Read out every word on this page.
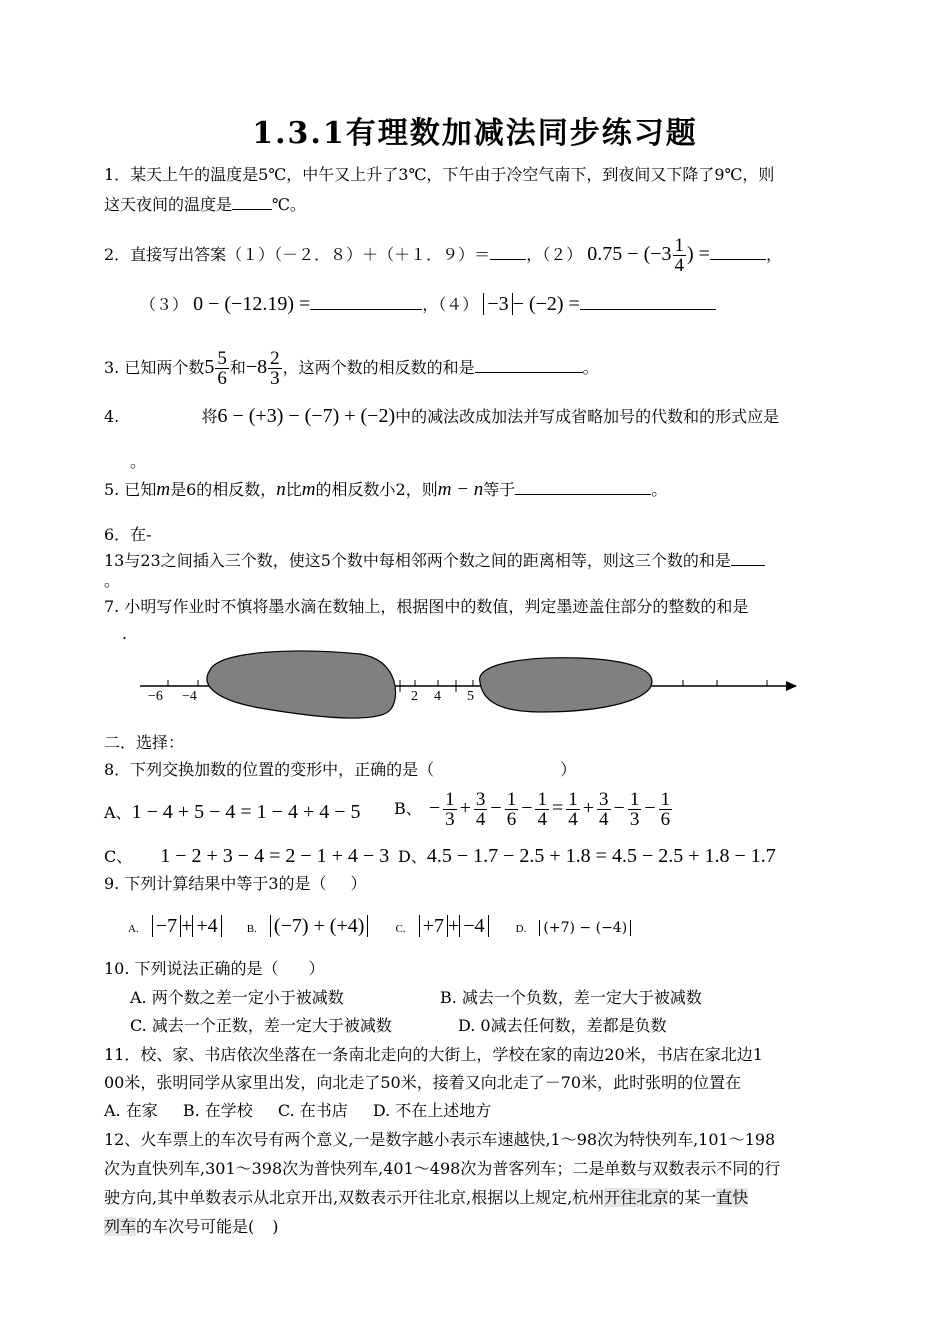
1.3.1有理数加减法同步练习题
1．某天上午的温度是5℃，中午又上升了3℃，下午由于冷空气南下，到夜间又下降了9℃，则
这天夜间的温度是	℃。
2．直接写出答案（１）（－２．８）＋（＋１．９）＝ ，（２） $0.75 - (-3 \frac{1}{4}$ ) =	，
（３） 0 − (−12.19) =	，（４） −3 − (−2) =
3. 已知两个数$5 \frac{5}{6}$ 和$-8 \frac{2}{3}$ ，这两个数的相反数的和是	。
4.	将6 − (+3) − (−7) + (−2)中的减法改成加法并写成省略加号的代数和的形式应是
。
5. 已知m是6的相反数，n比m的相反数小2，则m − n等于	。
6．在-
13与23之间插入三个数，使这5个数中每相邻两个数之间的距离相等，则这三个数的和是
。
7. 小明写作业时不慎将墨水滴在数轴上，根据图中的数值，判定墨迹盖住部分的整数的和是
.
−6 −4	2 4 5
二．选择：
8．下列交换加数的位置的变形中，正确的是（	）
A、1 − 4 + 5 − 4 = 1 − 4 + 4 − 5 B、 − $\frac{1}{3} + \frac{3}{4} - \frac{1}{6} - \frac{1}{4} = \frac{1}{4} + \frac{3}{4} - \frac{1}{3} - \frac{1}{6}$
C、 1 − 2 + 3 − 4 = 2 − 1 + 4 − 3 D、4.5 − 1.7 − 2.5 + 1.8 = 4.5 − 2.5 + 1.8 − 1.7
9. 下列计算结果中等于3的是（ ）
A. −7 + +4	B. (−7) + (+4)	C. +7 + −4	D. (+7) − (−4)
10. 下列说法正确的是（ ）
A. 两个数之差一定小于被减数	B. 减去一个负数，差一定大于被减数
C. 减去一个正数，差一定大于被减数	D. 0减去任何数，差都是负数
11．校、家、书店依次坐落在一条南北走向的大街上，学校在家的南边20米，书店在家北边1
00米，张明同学从家里出发，向北走了50米，接着又向北走了－70米，此时张明的位置在
A. 在家 B. 在学校 C. 在书店 D. 不在上述地方
12、火车票上的车次号有两个意义,一是数字越小表示车速越快,1～98次为特快列车,101～198
次为直快列车,301～398次为普快列车,401～498次为普客列车；二是单数与双数表示不同的行
驶方向,其中单数表示从北京开出,双数表示开往北京,根据以上规定,杭州开往北京的某一直快
列车的车次号可能是( )
